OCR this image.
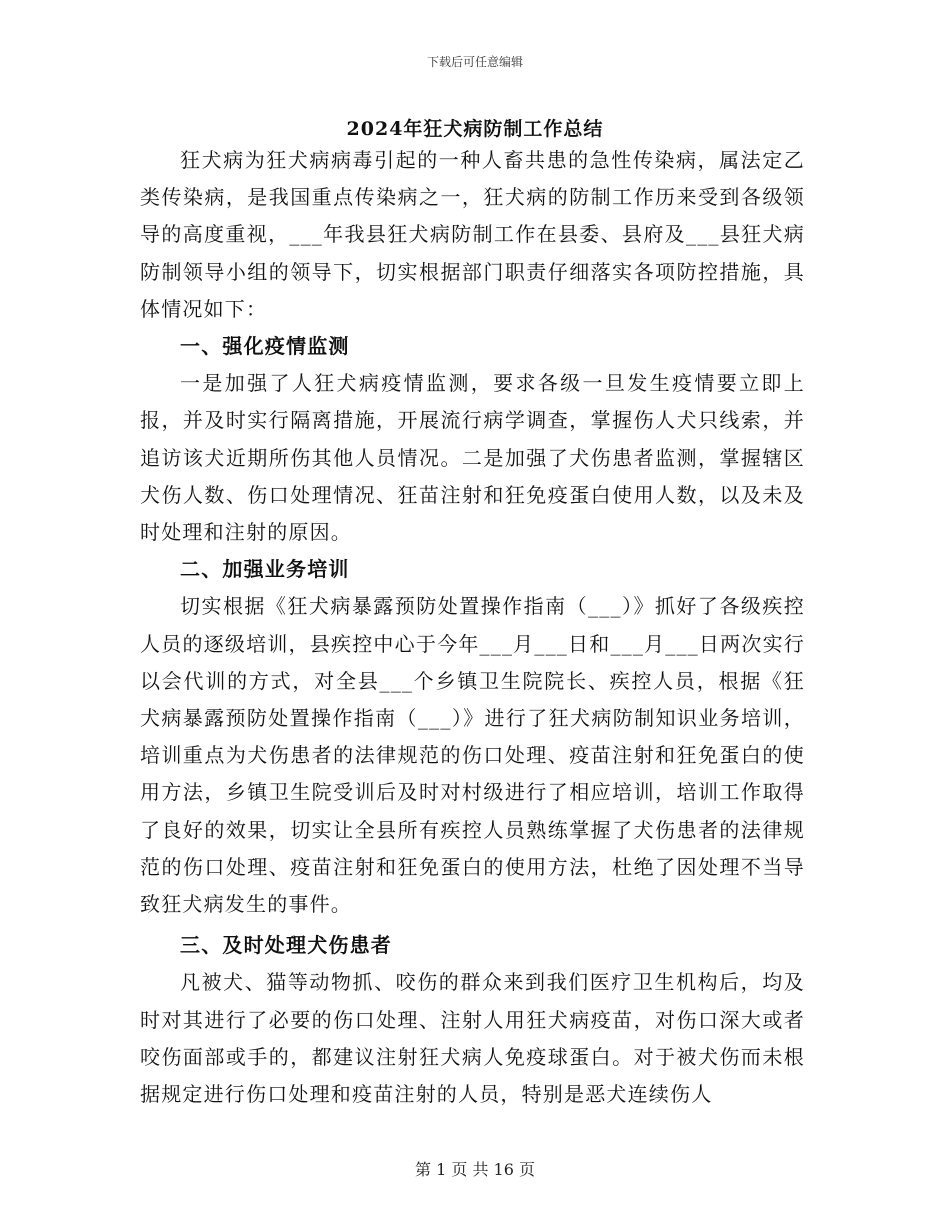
下载后可任意编辑
2024年狂犬病防制工作总结

狂犬病为狂犬病病毒引起的一种人畜共患的急性传染病，属法定乙类传染病，是我国重点传染病之一，狂犬病的防制工作历来受到各级领导的高度重视，___年我县狂犬病防制工作在县委、县府及___县狂犬病防制领导小组的领导下，切实根据部门职责仔细落实各项防控措施，具体情况如下：

一、强化疫情监测

一是加强了人狂犬病疫情监测，要求各级一旦发生疫情要立即上报，并及时实行隔离措施，开展流行病学调查，掌握伤人犬只线索，并追访该犬近期所伤其他人员情况。二是加强了犬伤患者监测，掌握辖区犬伤人数、伤口处理情况、狂苗注射和狂免疫蛋白使用人数，以及未及时处理和注射的原因。

二、加强业务培训

切实根据《狂犬病暴露预防处置操作指南（___）》抓好了各级疾控人员的逐级培训，县疾控中心于今年___月___日和___月___日两次实行以会代训的方式，对全县___个乡镇卫生院院长、疾控人员，根据《狂犬病暴露预防处置操作指南（___）》进行了狂犬病防制知识业务培训，培训重点为犬伤患者的法律规范的伤口处理、疫苗注射和狂免蛋白的使用方法，乡镇卫生院受训后及时对村级进行了相应培训，培训工作取得了良好的效果，切实让全县所有疾控人员熟练掌握了犬伤患者的法律规范的伤口处理、疫苗注射和狂免蛋白的使用方法，杜绝了因处理不当导致狂犬病发生的事件。

三、及时处理犬伤患者

凡被犬、猫等动物抓、咬伤的群众来到我们医疗卫生机构后，均及时对其进行了必要的伤口处理、注射人用狂犬病疫苗，对伤口深大或者咬伤面部或手的，都建议注射狂犬病人免疫球蛋白。对于被犬伤而未根据规定进行伤口处理和疫苗注射的人员，特别是恶犬连续伤人

第 1 页 共 16 页
